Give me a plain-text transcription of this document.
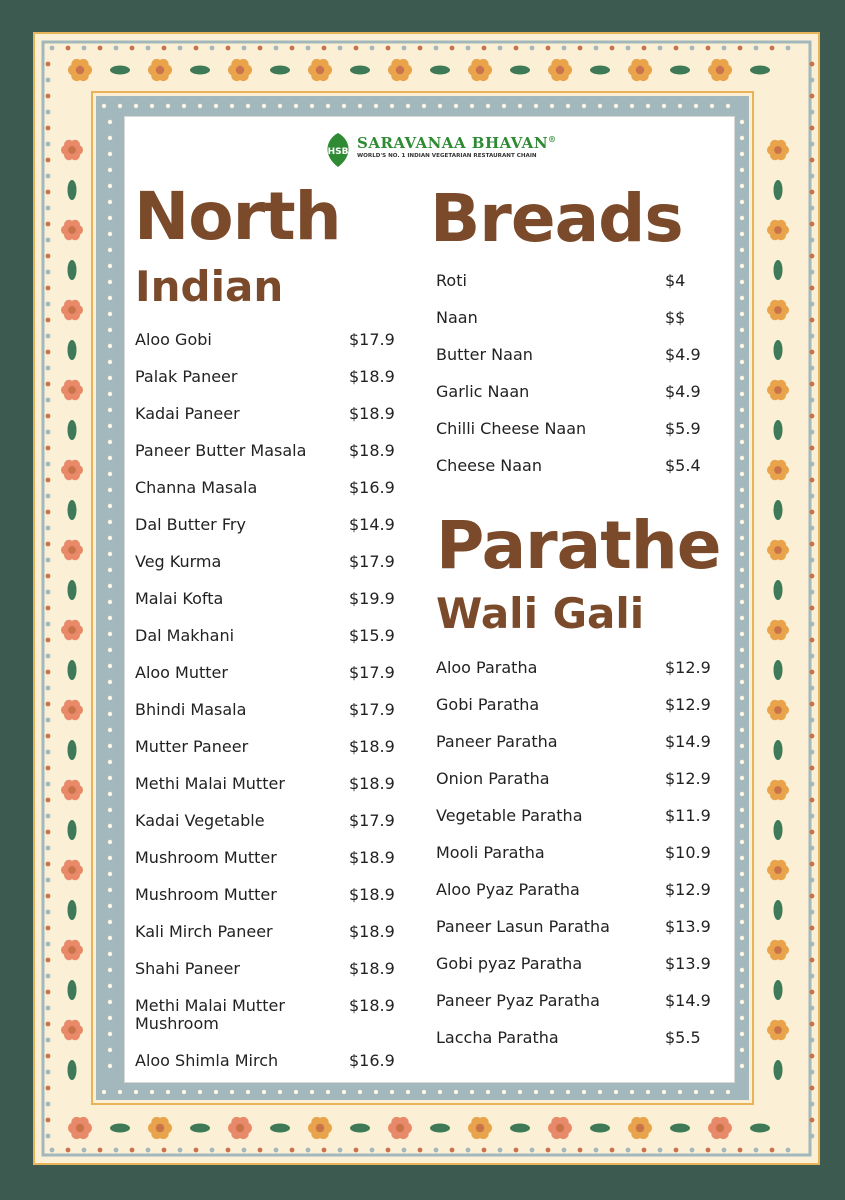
HSB SARAVANAA BHAVAN®
WORLD'S NO. 1 INDIAN VEGETARIAN RESTAURANT CHAIN
North
Indian
Aloo Gobi	$17.9
Palak Paneer	$18.9
Kadai Paneer	$18.9
Paneer Butter Masala	$18.9
Channa Masala	$16.9
Dal Butter Fry	$14.9
Veg Kurma	$17.9
Malai Kofta	$19.9
Dal Makhani	$15.9
Aloo Mutter	$17.9
Bhindi Masala	$17.9
Mutter Paneer	$18.9
Methi Malai Mutter	$18.9
Kadai Vegetable	$17.9
Mushroom Mutter	$18.9
Mushroom Mutter	$18.9
Kali Mirch Paneer	$18.9
Shahi Paneer	$18.9
Methi Malai Mutter Mushroom
$18.9
Aloo Shimla Mirch	$16.9
Breads
Roti	$4
Naan	$$
Butter Naan	$4.9
Garlic Naan	$4.9
Chilli Cheese Naan	$5.9
Cheese Naan	$5.4
Parathe
Wali Gali
Aloo Paratha	$12.9
Gobi Paratha	$12.9
Paneer Paratha	$14.9
Onion Paratha	$12.9
Vegetable Paratha	$11.9
Mooli Paratha	$10.9
Aloo Pyaz Paratha	$12.9
Paneer Lasun Paratha	$13.9
Gobi pyaz Paratha	$13.9
Paneer Pyaz Paratha	$14.9
Laccha Paratha	$5.5
